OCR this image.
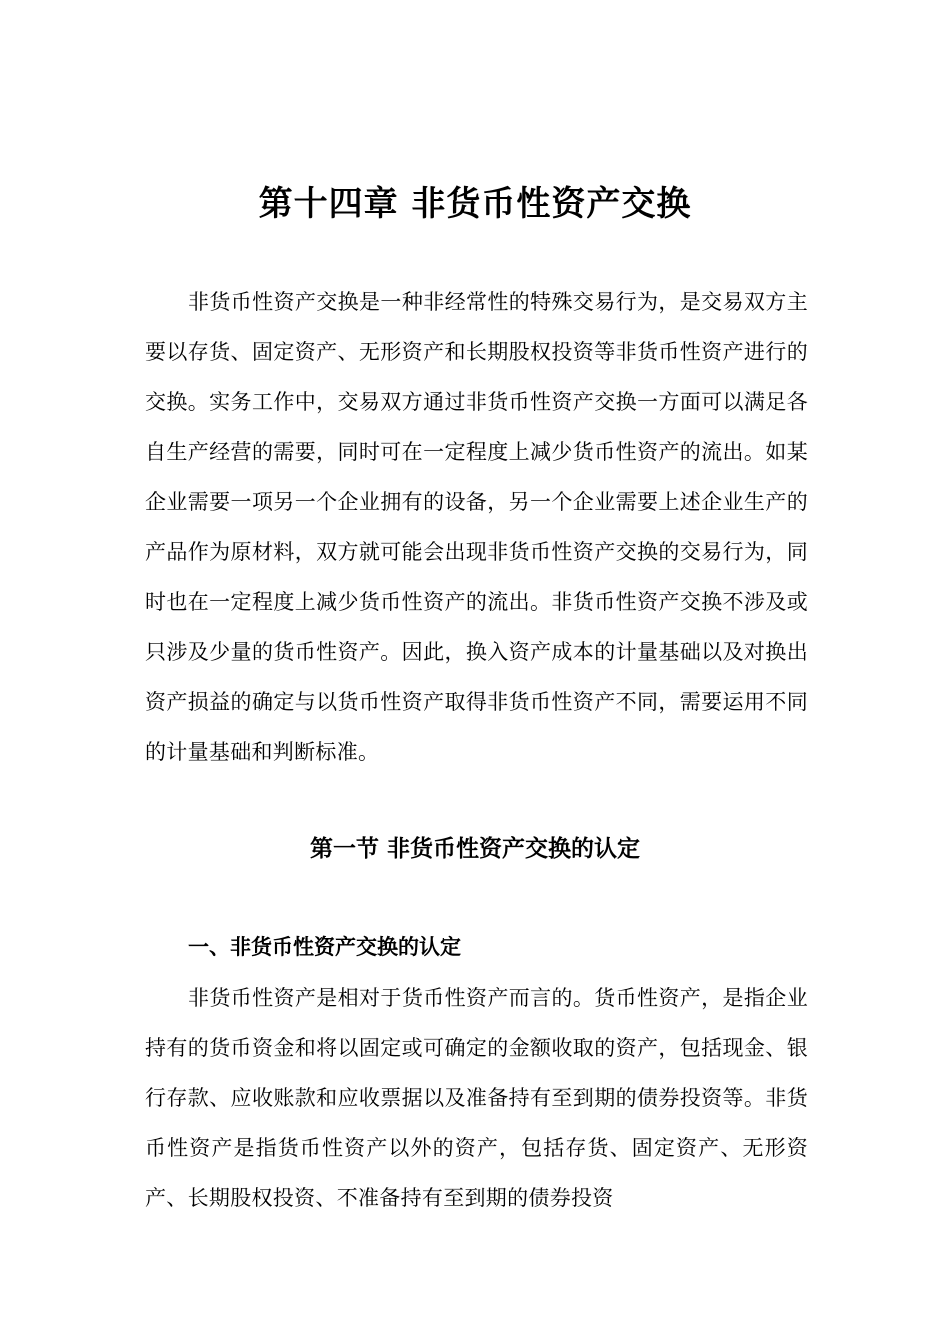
第十四章 非货币性资产交换

非货币性资产交换是一种非经常性的特殊交易行为，是交易双方主要以存货、固定资产、无形资产和长期股权投资等非货币性资产进行的交换。实务工作中，交易双方通过非货币性资产交换一方面可以满足各自生产经营的需要，同时可在一定程度上减少货币性资产的流出。如某企业需要一项另一个企业拥有的设备，另一个企业需要上述企业生产的产品作为原材料，双方就可能会出现非货币性资产交换的交易行为，同时也在一定程度上减少货币性资产的流出。非货币性资产交换不涉及或只涉及少量的货币性资产。因此，换入资产成本的计量基础以及对换出资产损益的确定与以货币性资产取得非货币性资产不同，需要运用不同的计量基础和判断标准。

第一节 非货币性资产交换的认定
一、非货币性资产交换的认定

非货币性资产是相对于货币性资产而言的。货币性资产，是指企业持有的货币资金和将以固定或可确定的金额收取的资产，包括现金、银行存款、应收账款和应收票据以及准备持有至到期的债券投资等。非货币性资产是指货币性资产以外的资产，包括存货、固定资产、无形资产、长期股权投资、不准备持有至到期的债券投资
